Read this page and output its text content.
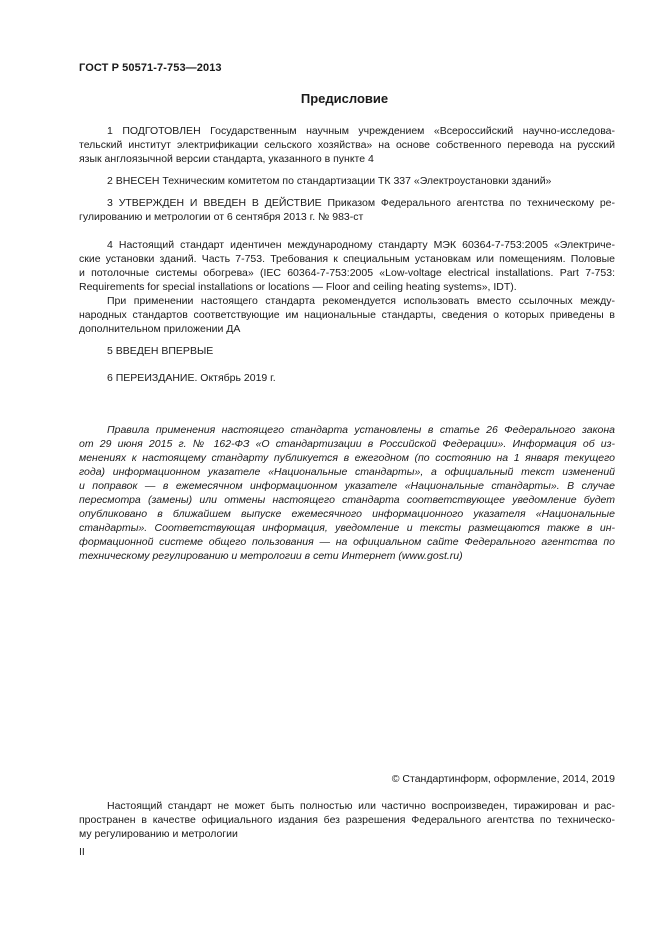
ГОСТ Р 50571-7-753—2013
Предисловие
1 ПОДГОТОВЛЕН Государственным научным учреждением «Всероссийский научно-исследова-
тельский институт электрификации сельского хозяйства» на основе собственного перевода на русский
язык англоязычной версии стандарта, указанного в пункте 4
2 ВНЕСЕН Техническим комитетом по стандартизации ТК 337 «Электроустановки зданий»
3 УТВЕРЖДЕН И ВВЕДЕН В ДЕЙСТВИЕ Приказом Федерального агентства по техническому ре-
гулированию и метрологии от 6 сентября 2013 г. № 983-ст
4 Настоящий стандарт идентичен международному стандарту МЭК 60364-7-753:2005 «Электриче-
ские установки зданий. Часть 7-753. Требования к специальным установкам или помещениям. Половые
и потолочные системы обогрева» (IEC 60364-7-753:2005 «Low-voltage electrical installations. Part 7-753:
Requirements for special installations or locations — Floor and ceiling heating systems», IDT).
При применении настоящего стандарта рекомендуется использовать вместо ссылочных между-
народных стандартов соответствующие им национальные стандарты, сведения о которых приведены в
дополнительном приложении ДА
5 ВВЕДЕН ВПЕРВЫЕ
6 ПЕРЕИЗДАНИЕ. Октябрь 2019 г.
Правила применения настоящего стандарта установлены в статье 26 Федерального закона
от 29 июня 2015 г. № 162-ФЗ «О стандартизации в Российской Федерации». Информация об из-
менениях к настоящему стандарту публикуется в ежегодном (по состоянию на 1 января текущего
года) информационном указателе «Национальные стандарты», а официальный текст изменений
и поправок — в ежемесячном информационном указателе «Национальные стандарты». В случае
пересмотра (замены) или отмены настоящего стандарта соответствующее уведомление будет
опубликовано в ближайшем выпуске ежемесячного информационного указателя «Национальные
стандарты». Соответствующая информация, уведомление и тексты размещаются также в ин-
формационной системе общего пользования — на официальном сайте Федерального агентства по
техническому регулированию и метрологии в сети Интернет (www.gost.ru)
Настоящий стандарт не может быть полностью или частично воспроизведен, тиражирован и рас-
пространен в качестве официального издания без разрешения Федерального агентства по техническо-
му регулированию и метрологии
© Стандартинформ, оформление, 2014, 2019
II
